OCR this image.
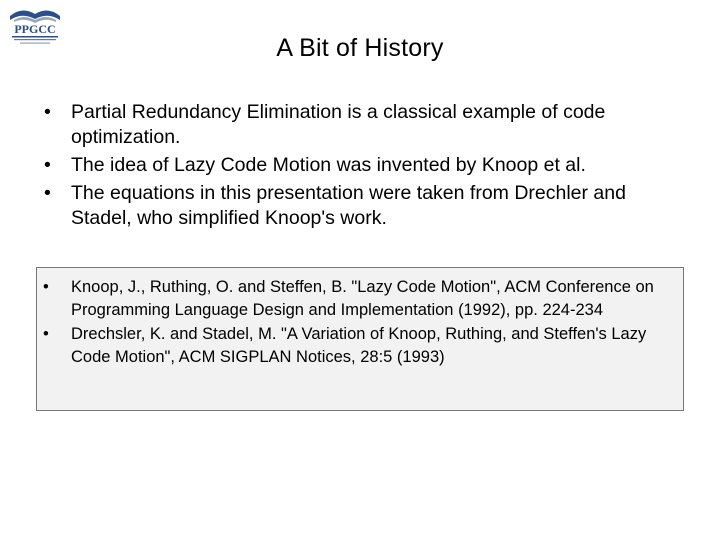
PPGCC
A Bit of History
• Partial Redundancy Elimination is a classical example of code optimization.
• The idea of Lazy Code Motion was invented by Knoop et al.
• The equations in this presentation were taken from Drechler and Stadel, who simplified Knoop's work.
• Knoop, J., Ruthing, O. and Steffen, B. "Lazy Code Motion", ACM Conference on Programming Language Design and Implementation (1992), pp. 224-234
• Drechsler, K. and Stadel, M. "A Variation of Knoop, Ruthing, and Steffen's Lazy Code Motion", ACM SIGPLAN Notices, 28:5 (1993)
